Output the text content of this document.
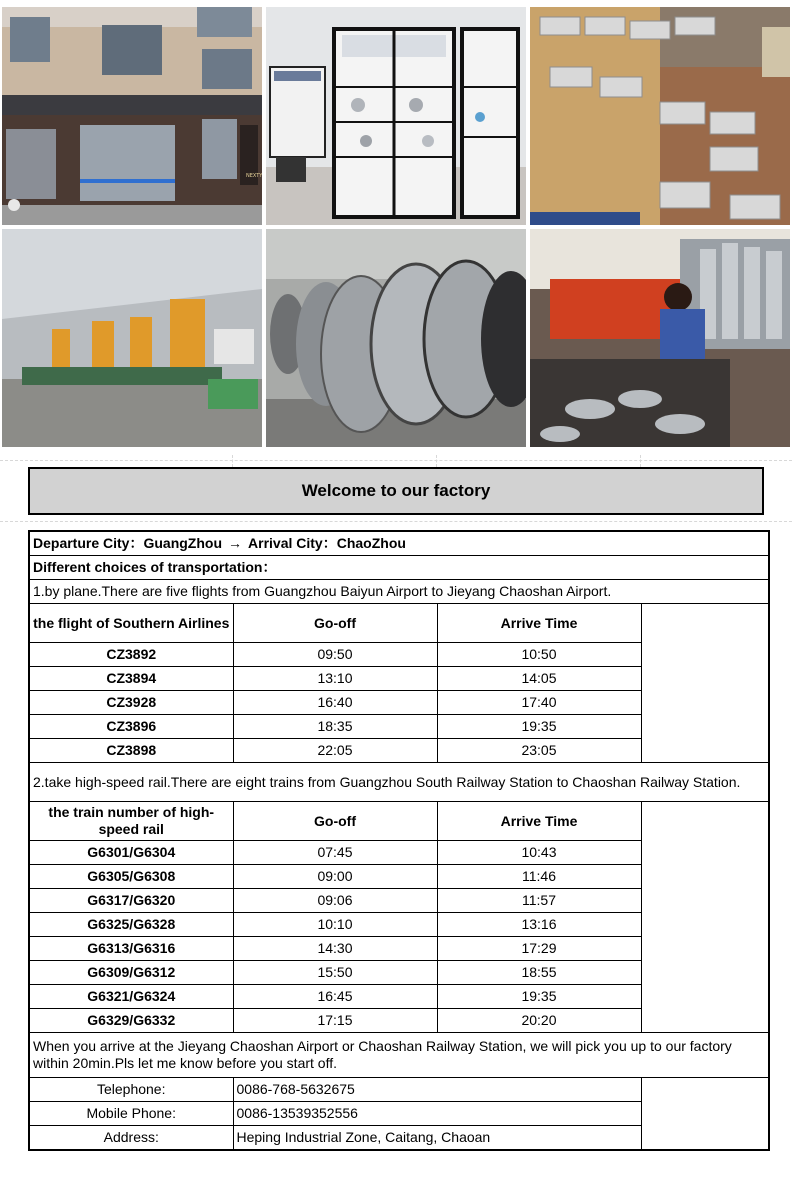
NEXTY
Welcome to our factory
Departure City：GuangZhou → Arrival City：ChaoZhou			
Different choices of transportation：			
1.by plane.There are five flights from Guangzhou Baiyun Airport to Jieyang Chaoshan Airport.			
the flight of Southern Airlines	Go-off	Arrive Time	
CZ3892	09:50	10:50	
CZ3894	13:10	14:05	
CZ3928	16:40	17:40	
CZ3896	18:35	19:35	
CZ3898	22:05	23:05	
2.take high-speed rail.There are eight trains from Guangzhou South Railway Station to Chaoshan Railway Station.			
the train number of high-speed rail	Go-off	Arrive Time	
G6301/G6304	07:45	10:43	
G6305/G6308	09:00	11:46	
G6317/G6320	09:06	11:57	
G6325/G6328	10:10	13:16	
G6313/G6316	14:30	17:29	
G6309/G6312	15:50	18:55	
G6321/G6324	16:45	19:35	
G6329/G6332	17:15	20:20	
When you arrive at the Jieyang Chaoshan Airport or Chaoshan Railway Station, we will pick you up to our factory within 20min.Pls let me know before you start off.			
Telephone:	0086-768-5632675		
Mobile Phone:	0086-13539352556		
Address:	Heping Industrial Zone, Caitang, Chaoan		
